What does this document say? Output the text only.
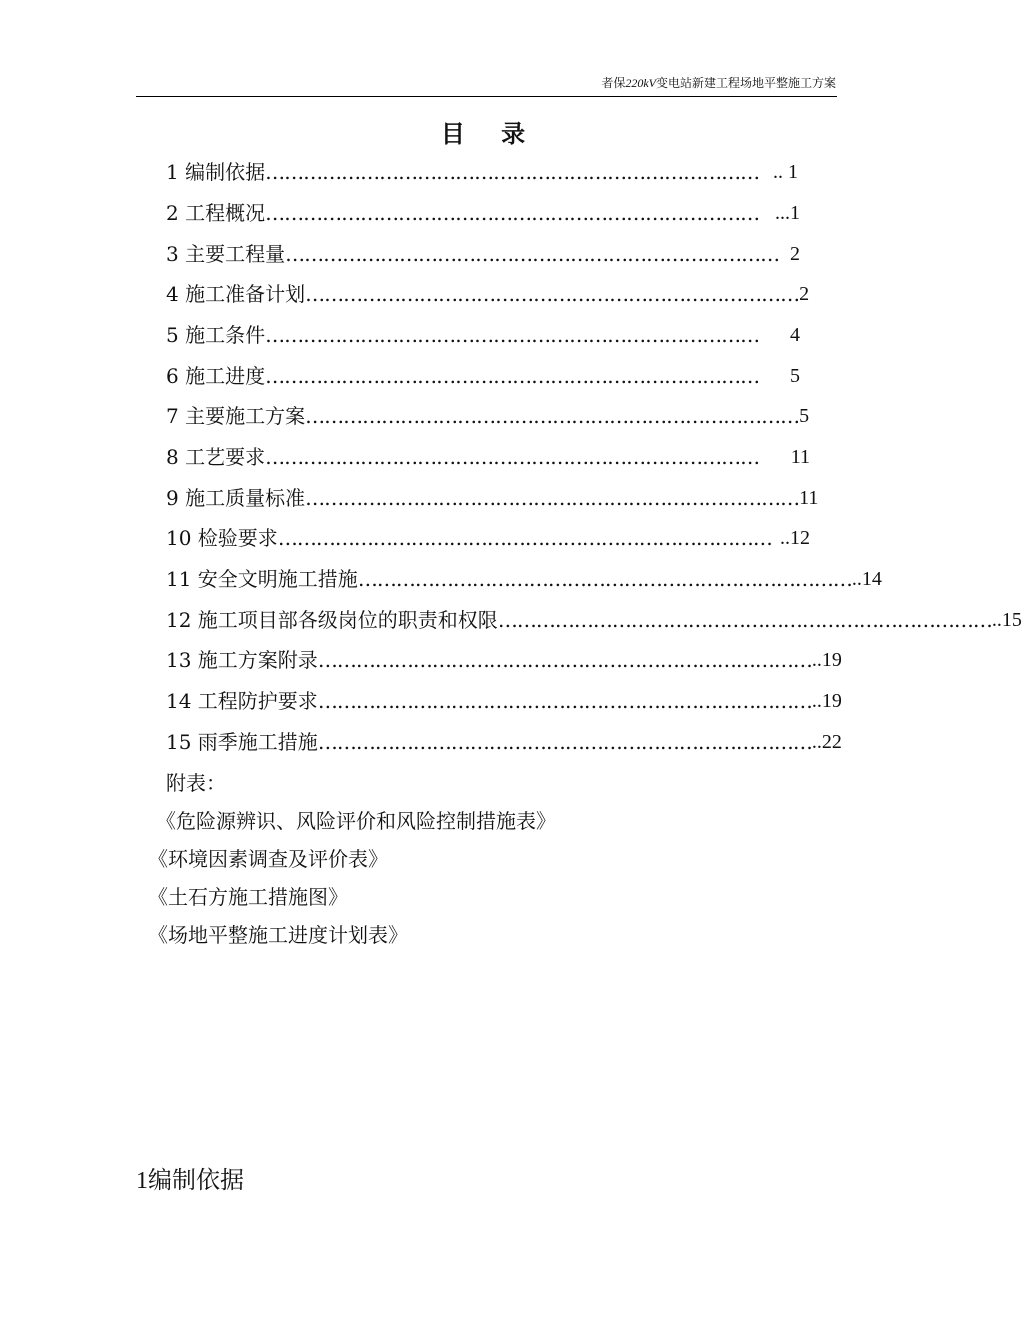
者保220kV变电站新建工程场地平整施工方案
目 录
附表：
《危险源辨识、风险评价和风险控制措施表》
《环境因素调查及评价表》
《土石方施工措施图》
《场地平整施工进度计划表》
1编制依据
1 编制依据 …………………………………………………………………… .. 1
2 工程概况 …………………………………………………………………… ...1
3 主要工程量 …………………………………………………………………… 2
4 施工准备计划 …………………………………………………………………… 2
5 施工条件 ……………………………………………………………………	4
6 施工进度 ……………………………………………………………………	5
7 主要施工方案 …………………………………………………………………… 5
8 工艺要求 ……………………………………………………………………	11
9 施工质量标准 …………………………………………………………………… 11
10 检验要求 …………………………………………………………………… ..12
11 安全文明施工措施 …………………………………………………………………… ..14
12 施工项目部各级岗位的职责和权限 …………………………………………………………………… ..15
13 施工方案附录 …………………………………………………………………… ..19
14 工程防护要求 …………………………………………………………………… ..19
15 雨季施工措施 …………………………………………………………………… ..22
